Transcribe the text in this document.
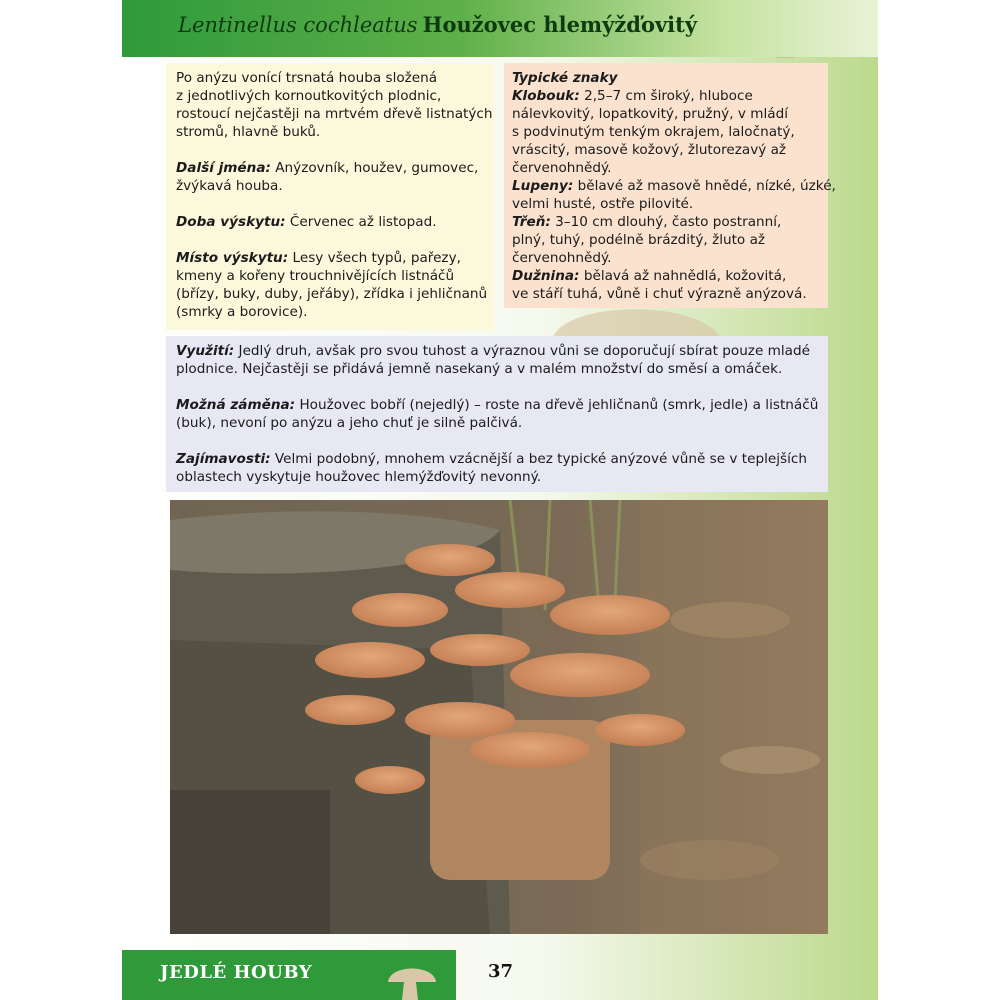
Lentinellus cochleatus Houžovec hlemýžďovitý

Po anýzu vonící trsnatá houba složená
z jednotlivých kornoutkovitých plodnic,
rostoucí nejčastěji na mrtvém dřevě listnatých
stromů, hlavně buků.

Další jména: Anýzovník, houžev, gumovec,
žvýkavá houba.

Doba výskytu: Červenec až listopad.

Místo výskytu: Lesy všech typů, pařezy,
kmeny a kořeny trouchnivějících listnáčů
(břízy, buky, duby, jeřáby), zřídka i jehličnanů
(smrky a borovice).

Typické znaky
Klobouk: 2,5–7 cm široký, hluboce
nálevkovitý, lopatkovitý, pružný, v mládí
s podvinutým tenkým okrajem, laločnatý,
vráscitý, masově kožový, žlutorezavý až
červenohnědý.
Lupeny: bělavé až masově hnědé, nízké, úzké,
velmi husté, ostře pilovité.
Třeň: 3–10 cm dlouhý, často postranní,
plný, tuhý, podélně brázditý, žluto až
červenohnědý.
Dužnina: bělavá až nahnědlá, kožovitá,
ve stáří tuhá, vůně i chuť výrazně anýzová.

Využití: Jedlý druh, avšak pro svou tuhost a výraznou vůni se doporučují sbírat pouze mladé
plodnice. Nejčastěji se přidává jemně nasekaný a v malém množství do směsí a omáček.

Možná záměna: Houžovec bobří (nejedlý) – roste na dřevě jehličnanů (smrk, jedle) a listnáčů
(buk), nevoní po anýzu a jeho chuť je silně palčivá.

Zajímavosti: Velmi podobný, mnohem vzácnější a bez typické anýzové vůně se v teplejších
oblastech vyskytuje houžovec hlemýžďovitý nevonný.

JEDLÉ HOUBY	37
